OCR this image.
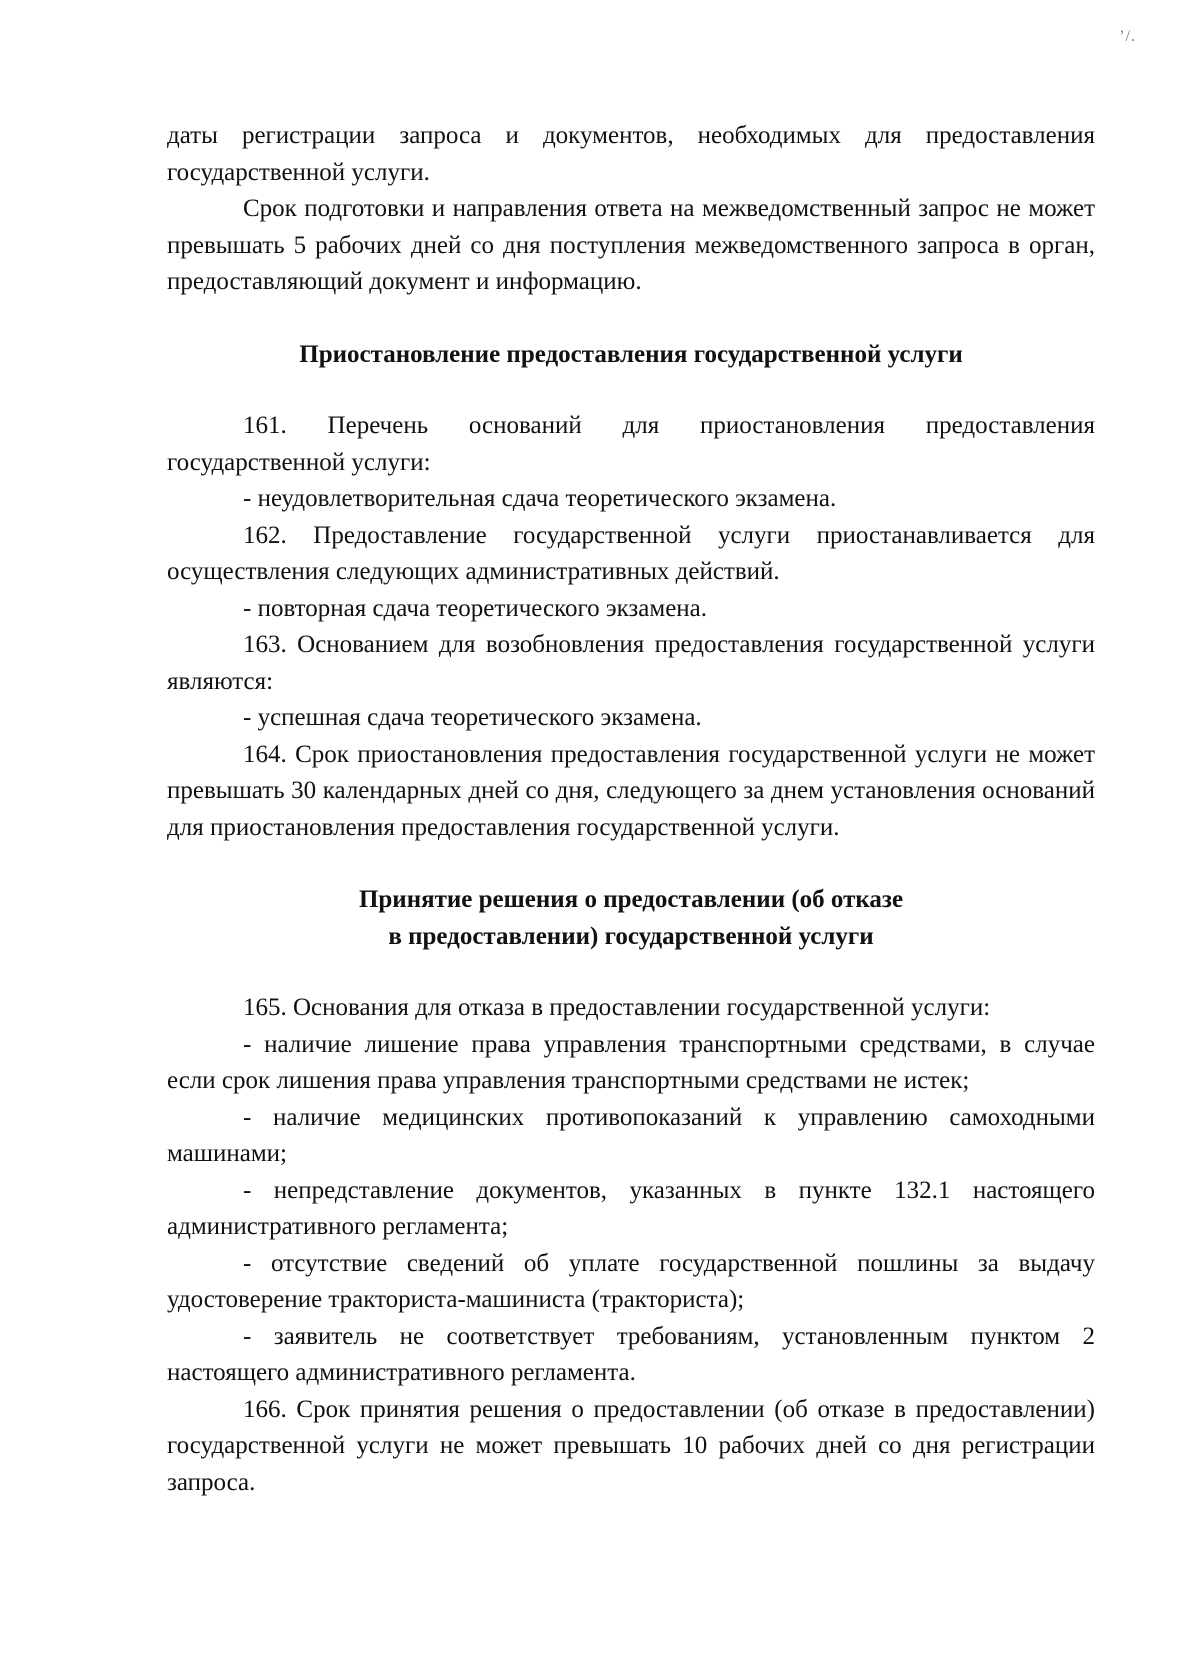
’/.

даты регистрации запроса и документов, необходимых для предоставления государственной услуги.

Срок подготовки и направления ответа на межведомственный запрос не может превышать 5 рабочих дней со дня поступления межведомственного запроса в орган, предоставляющий документ и информацию.

Приостановление предоставления государственной услуги

161. Перечень оснований для приостановления предоставления государственной услуги:

- неудовлетворительная сдача теоретического экзамена.

162. Предоставление государственной услуги приостанавливается для осуществления следующих административных действий.

- повторная сдача теоретического экзамена.

163. Основанием для возобновления предоставления государственной услуги являются:

- успешная сдача теоретического экзамена.

164. Срок приостановления предоставления государственной услуги не может превышать 30 календарных дней со дня, следующего за днем установления оснований для приостановления предоставления государственной услуги.

Принятие решения о предоставлении (об отказе
в предоставлении) государственной услуги

165. Основания для отказа в предоставлении государственной услуги:

- наличие лишение права управления транспортными средствами, в случае если срок лишения права управления транспортными средствами не истек;

- наличие медицинских противопоказаний к управлению самоходными машинами;

- непредставление документов, указанных в пункте 132.1 настоящего административного регламента;

- отсутствие сведений об уплате государственной пошлины за выдачу удостоверение тракториста-машиниста (тракториста);

- заявитель не соответствует требованиям, установленным пунктом 2 настоящего административного регламента.

166. Срок принятия решения о предоставлении (об отказе в предоставлении) государственной услуги не может превышать 10 рабочих дней со дня регистрации запроса.
